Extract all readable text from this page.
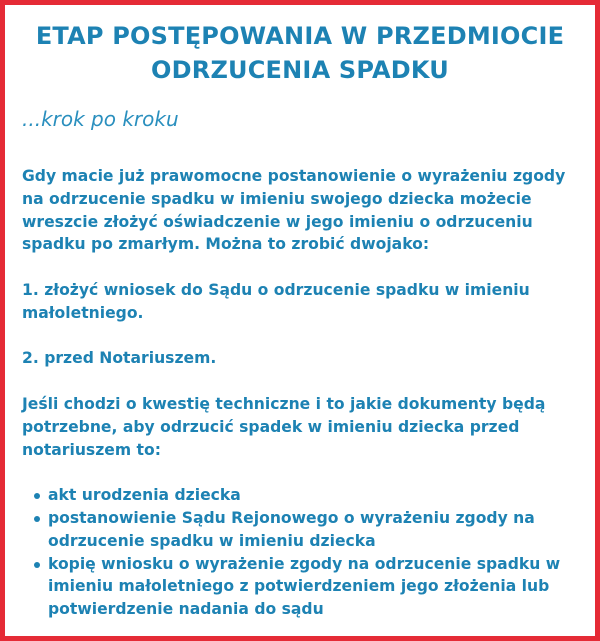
ETAP POSTĘPOWANIA W PRZEDMIOCIE
ODRZUCENIA SPADKU
...krok po kroku

Gdy macie już prawomocne postanowienie o wyrażeniu zgody na odrzucenie spadku w imieniu swojego dziecka możecie wreszcie złożyć oświadczenie w jego imieniu o odrzuceniu spadku po zmarłym. Można to zrobić dwojako:

1. złożyć wniosek do Sądu o odrzucenie spadku w imieniu małoletniego.

2. przed Notariuszem.

Jeśli chodzi o kwestię techniczne i to jakie dokumenty będą potrzebne, aby odrzucić spadek w imieniu dziecka przed notariuszem to:

akt urodzenia dziecka
postanowienie Sądu Rejonowego o wyrażeniu zgody na odrzucenie spadku w imieniu dziecka
kopię wniosku o wyrażenie zgody na odrzucenie spadku w imieniu małoletniego z potwierdzeniem jego złożenia lub potwierdzenie nadania do sądu
